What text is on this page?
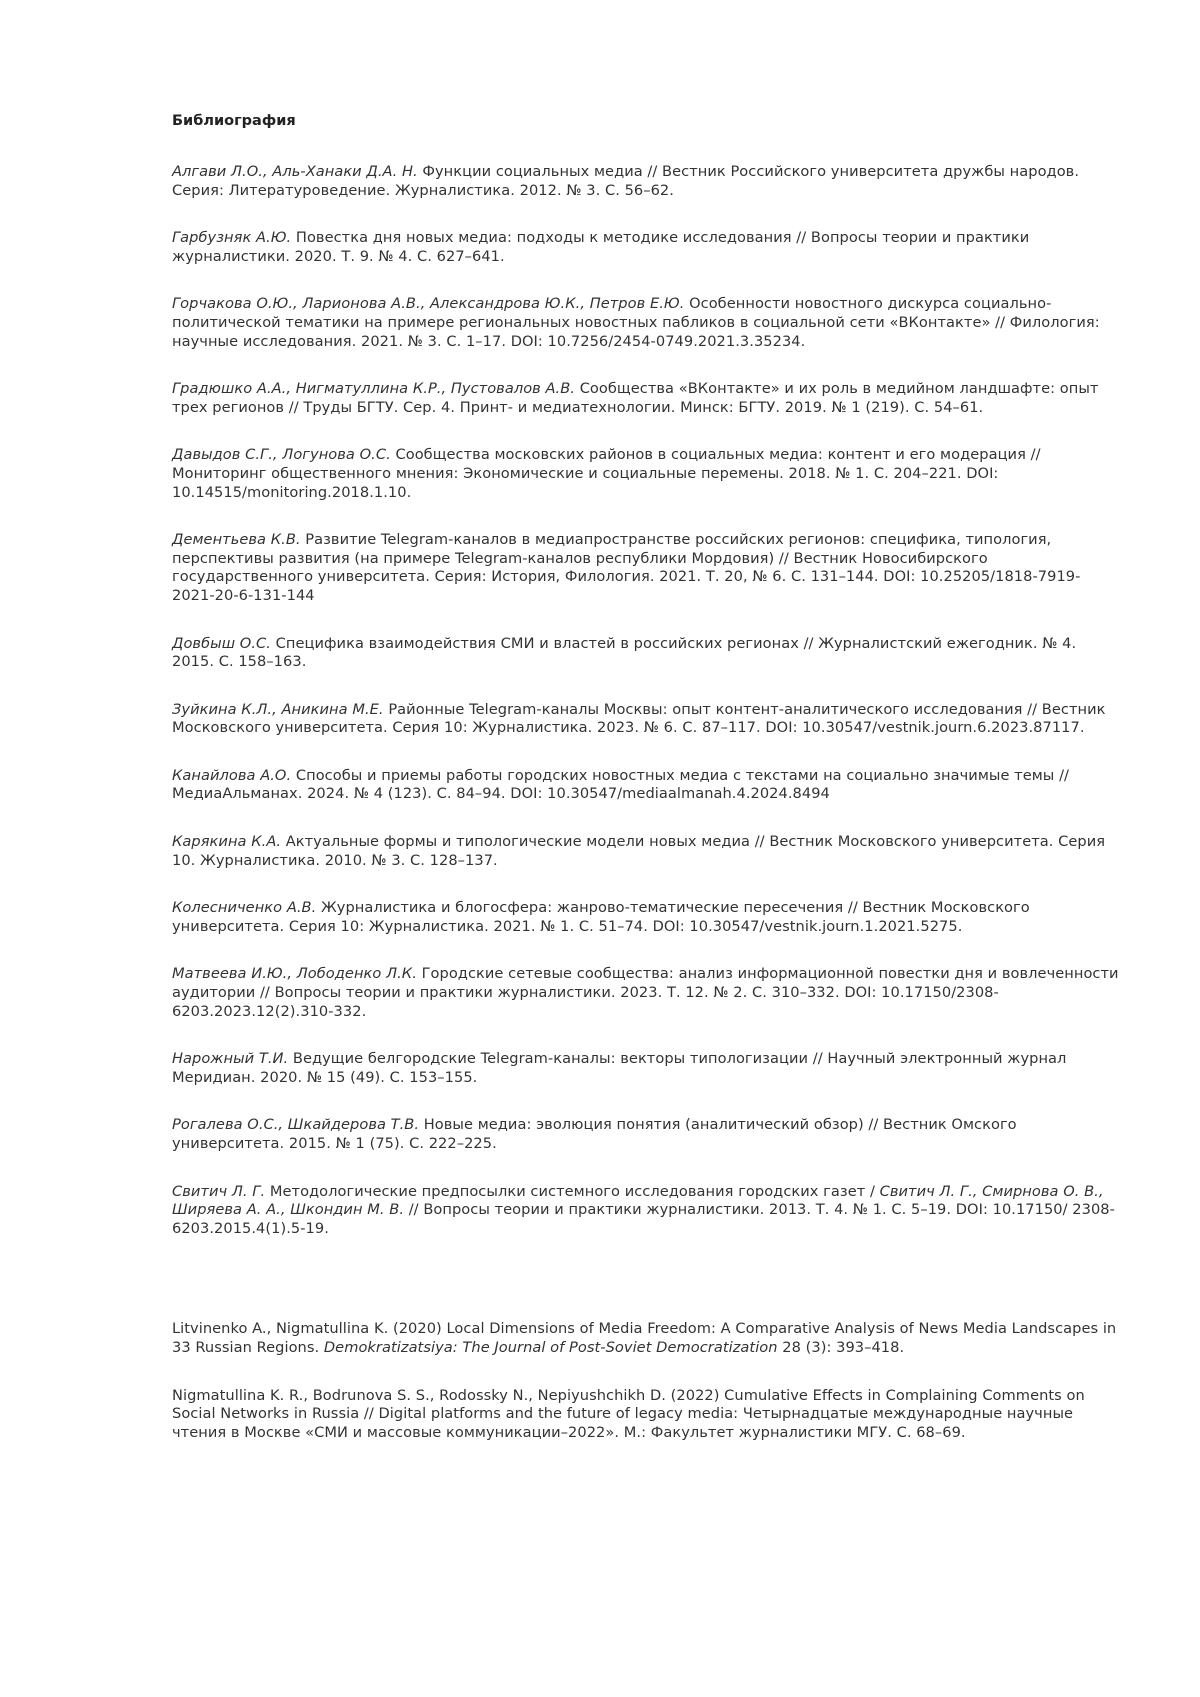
Библиография
Алгави Л.О., Аль-Ханаки Д.А. Н. Функции социальных медиа // Вестник Российского университета дружбы народов. Серия: Литературоведение. Журналистика. 2012. № 3. С. 56–62.
Гарбузняк А.Ю. Повестка дня новых медиа: подходы к методике исследования // Вопросы теории и практики журналистики. 2020. Т. 9. № 4. С. 627–641.
Горчакова О.Ю., Ларионова А.В., Александрова Ю.К., Петров Е.Ю. Особенности новостного дискурса социально-политической тематики на примере региональных новостных пабликов в социальной сети «ВКонтакте» // Филология: научные исследования. 2021. № 3. С. 1–17. DOI: 10.7256/2454-0749.2021.3.35234.
Градюшко А.А., Нигматуллина К.Р., Пустовалов А.В. Сообщества «ВКонтакте» и их роль в медийном ландшафте: опыт трех регионов // Труды БГТУ. Сер. 4. Принт- и медиатехнологии. Минск: БГТУ. 2019. № 1 (219). С. 54–61.
Давыдов С.Г., Логунова О.С. Сообщества московских районов в социальных медиа: контент и его модерация // Мониторинг общественного мнения: Экономические и социальные перемены. 2018. № 1. С. 204–221. DOI: 10.14515/monitoring.2018.1.10.
Дементьева К.В. Развитие Telegram-каналов в медиапространстве российских регионов: специфика, типология, перспективы развития (на примере Telegram-каналов республики Мордовия) // Вестник Новосибирского государственного университета. Серия: История, Филология. 2021. Т. 20, № 6. С. 131–144. DOI: 10.25205/1818-7919-2021-20-6-131-144
Довбыш О.С. Специфика взаимодействия СМИ и властей в российских регионах // Журналистский ежегодник. № 4. 2015. С. 158–163.
Зуйкина К.Л., Аникина М.Е. Районные Telegram-каналы Москвы: опыт контент-аналитического исследования // Вестник Московского университета. Серия 10: Журналистика. 2023. № 6. С. 87–117. DOI: 10.30547/vestnik.journ.6.2023.87117.
Канайлова А.О. Способы и приемы работы городских новостных медиа с текстами на социально значимые темы // МедиаАльманах. 2024. № 4 (123). С. 84–94. DOI: 10.30547/mediaalmanah.4.2024.8494
Карякина К.А. Актуальные формы и типологические модели новых медиа // Вестник Московского университета. Серия 10. Журналистика. 2010. № 3. С. 128–137.
Колесниченко А.В. Журналистика и блогосфера: жанрово-тематические пересечения // Вестник Московского университета. Серия 10: Журналистика. 2021. № 1. С. 51–74. DOI: 10.30547/vestnik.journ.1.2021.5275.
Матвеева И.Ю., Лободенко Л.К. Городские сетевые сообщества: анализ информационной повестки дня и вовлеченности аудитории // Вопросы теории и практики журналистики. 2023. Т. 12. № 2. С. 310–332. DOI: 10.17150/2308-6203.2023.12(2).310-332.
Нарожный Т.И. Ведущие белгородские Telegram-каналы: векторы типологизации // Научный электронный журнал Меридиан. 2020. № 15 (49). С. 153–155.
Рогалева О.С., Шкайдерова Т.В. Новые медиа: эволюция понятия (аналитический обзор) // Вестник Омского университета. 2015. № 1 (75). С. 222–225.
Свитич Л. Г. Методологические предпосылки системного исследования городских газет / Свитич Л. Г., Смирнова О. В., Ширяева А. А., Шкондин М. В. // Вопросы теории и практики журналистики. 2013. Т. 4. № 1. С. 5–19. DOI: 10.17150/ 2308-6203.2015.4(1).5-19.
Litvinenko A., Nigmatullina K. (2020) Local Dimensions of Media Freedom: A Comparative Analysis of News Media Landscapes in 33 Russian Regions. Demokratizatsiya: The Journal of Post-Soviet Democratization 28 (3): 393–418.
Nigmatullina K. R., Bodrunova S. S., Rodossky N., Nepiyushchikh D. (2022) Cumulative Effects in Complaining Comments on Social Networks in Russia // Digital platforms and the future of legacy media: Четырнадцатые международные научные чтения в Москве «СМИ и массовые коммуникации–2022». М.: Факультет журналистики МГУ. С. 68–69.
